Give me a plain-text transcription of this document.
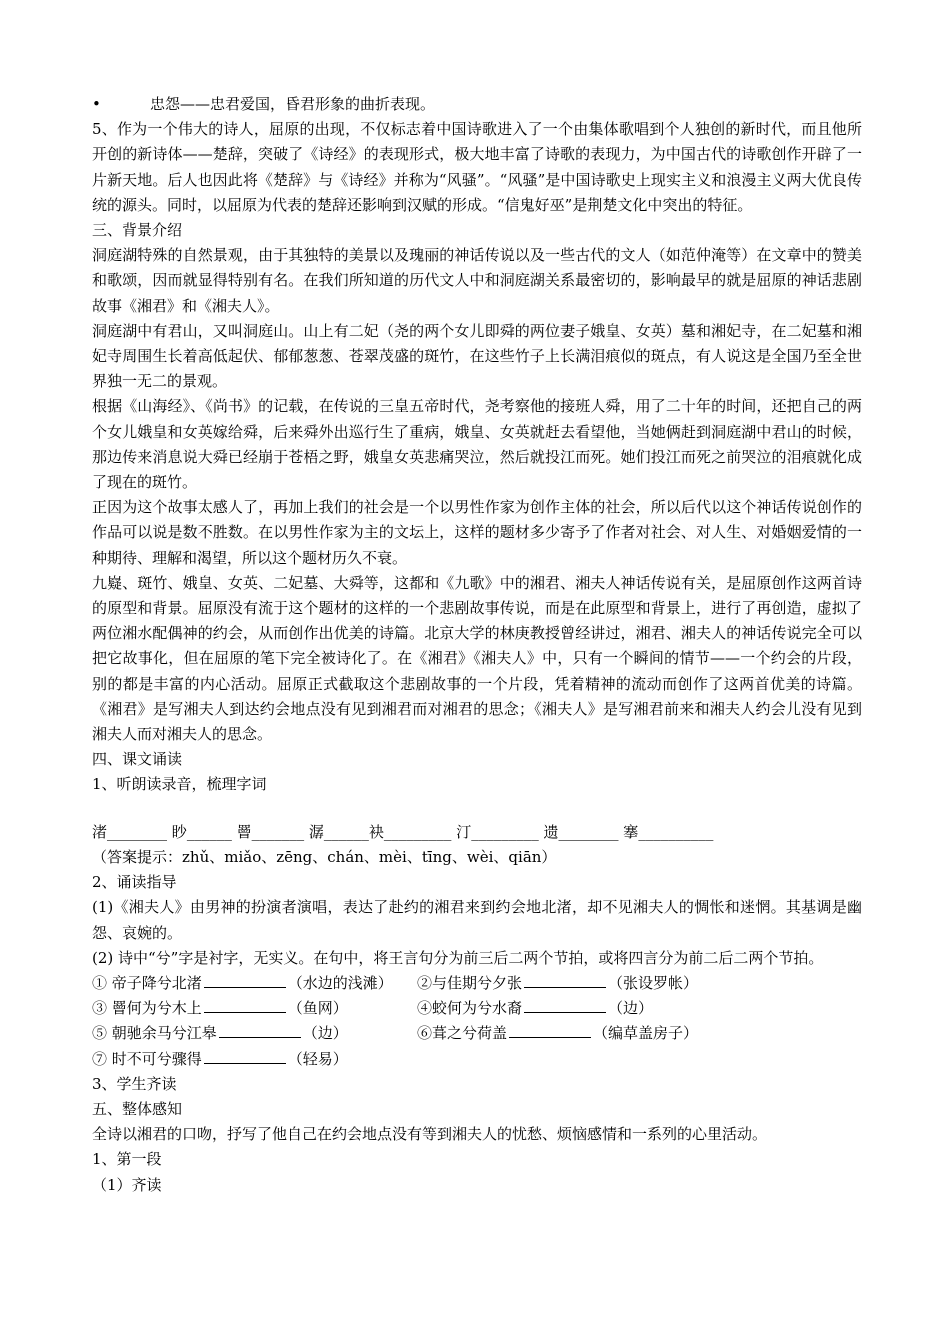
•	忠怨——忠君爱国，昏君形象的曲折表现。

5、作为一个伟大的诗人，屈原的出现，不仅标志着中国诗歌进入了一个由集体歌唱到个人独创的新时代，而且他所开创的新诗体——楚辞，突破了《诗经》的表现形式，极大地丰富了诗歌的表现力，为中国古代的诗歌创作开辟了一片新天地。后人也因此将《楚辞》与《诗经》并称为“风骚”。“风骚”是中国诗歌史上现实主义和浪漫主义两大优良传统的源头。同时，以屈原为代表的楚辞还影响到汉赋的形成。“信鬼好巫”是荆楚文化中突出的特征。

三、背景介绍

洞庭湖特殊的自然景观，由于其独特的美景以及瑰丽的神话传说以及一些古代的文人（如范仲淹等）在文章中的赞美和歌颂，因而就显得特别有名。在我们所知道的历代文人中和洞庭湖关系最密切的，影响最早的就是屈原的神话悲剧故事《湘君》和《湘夫人》。

洞庭湖中有君山，又叫洞庭山。山上有二妃（尧的两个女儿即舜的两位妻子娥皇、女英）墓和湘妃寺，在二妃墓和湘妃寺周围生长着高低起伏、郁郁葱葱、苍翠茂盛的斑竹，在这些竹子上长满泪痕似的斑点，有人说这是全国乃至全世界独一无二的景观。

根据《山海经》、《尚书》的记载，在传说的三皇五帝时代，尧考察他的接班人舜，用了二十年的时间，还把自己的两个女儿娥皇和女英嫁给舜，后来舜外出巡行生了重病，娥皇、女英就赶去看望他，当她俩赶到洞庭湖中君山的时候，那边传来消息说大舜已经崩于苍梧之野，娥皇女英悲痛哭泣，然后就投江而死。她们投江而死之前哭泣的泪痕就化成了现在的斑竹。

正因为这个故事太感人了，再加上我们的社会是一个以男性作家为创作主体的社会，所以后代以这个神话传说创作的作品可以说是数不胜数。在以男性作家为主的文坛上，这样的题材多少寄予了作者对社会、对人生、对婚姻爱情的一种期待、理解和渴望，所以这个题材历久不衰。

九嶷、斑竹、娥皇、女英、二妃墓、大舜等，这都和《九歌》中的湘君、湘夫人神话传说有关，是屈原创作这两首诗的原型和背景。屈原没有流于这个题材的这样的一个悲剧故事传说，而是在此原型和背景上，进行了再创造，虚拟了两位湘水配偶神的约会，从而创作出优美的诗篇。北京大学的林庚教授曾经讲过，湘君、湘夫人的神话传说完全可以把它故事化，但在屈原的笔下完全被诗化了。在《湘君》《湘夫人》中，只有一个瞬间的情节——一个约会的片段，别的都是丰富的内心活动。屈原正式截取这个悲剧故事的一个片段，凭着精神的流动而创作了这两首优美的诗篇。《湘君》是写湘夫人到达约会地点没有见到湘君而对湘君的思念；《湘夫人》是写湘君前来和湘夫人约会儿没有见到湘夫人而对湘夫人的思念。

四、课文诵读

1、听朗读录音，梳理字词

渚________ 眇______ 罾_______ 潺______袂_________ 汀_________ 遗________ 搴__________

（答案提示：zhǔ、miǎo、zēng、chán、mèi、tīng、wèi、qiān）

2、诵读指导

(1)《湘夫人》由男神的扮演者演唱，表达了赴约的湘君来到约会地北渚，却不见湘夫人的惆怅和迷惘。其基调是幽怨、哀婉的。

(2) 诗中“兮”字是衬字，无实义。在句中，将王言句分为前三后二两个节拍，或将四言分为前二后二两个节拍。

① 帝子降兮北渚	（水边的浅滩）	②与佳期兮夕张	（张设罗帐）
③ 罾何为兮木上	（鱼网）	④蛟何为兮水裔	（边）
⑤ 朝驰余马兮江皋	（边）	⑥葺之兮荷盖	（编草盖房子）
⑦ 时不可兮骤得	（轻易）

3、学生齐读

五、整体感知

全诗以湘君的口吻，抒写了他自己在约会地点没有等到湘夫人的忧愁、烦恼感情和一系列的心里活动。

1、第一段

（1）齐读
